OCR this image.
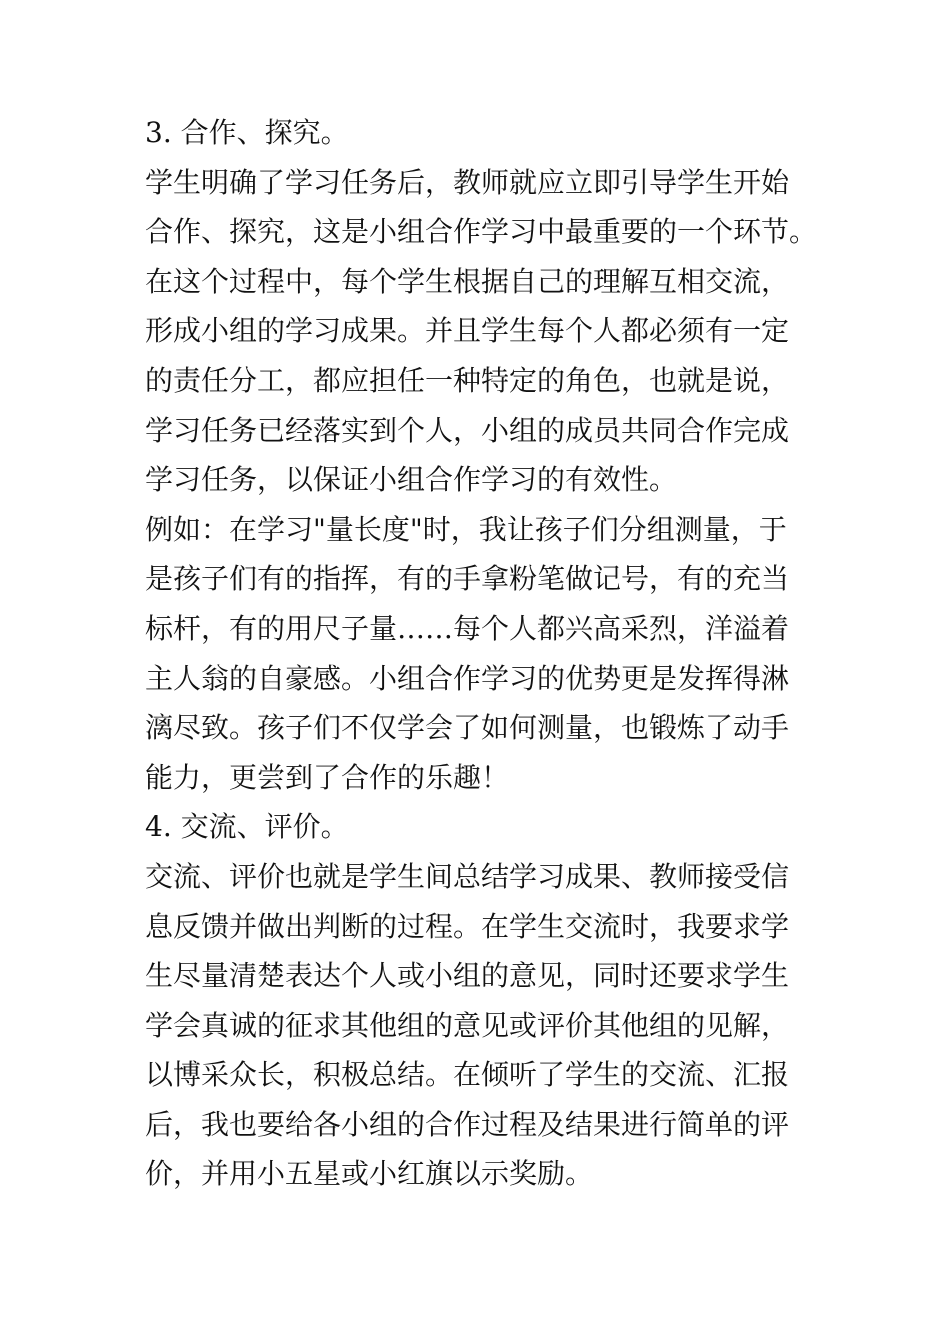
3. 合作、探究。
学生明确了学习任务后，教师就应立即引导学生开始
合作、探究，这是小组合作学习中最重要的一个环节。
在这个过程中，每个学生根据自己的理解互相交流，
形成小组的学习成果。并且学生每个人都必须有一定
的责任分工，都应担任一种特定的角色，也就是说，
学习任务已经落实到个人，小组的成员共同合作完成
学习任务，以保证小组合作学习的有效性。
例如：在学习"量长度"时，我让孩子们分组测量，于
是孩子们有的指挥，有的手拿粉笔做记号，有的充当
标杆，有的用尺子量……每个人都兴高采烈，洋溢着
主人翁的自豪感。小组合作学习的优势更是发挥得淋
漓尽致。孩子们不仅学会了如何测量，也锻炼了动手
能力，更尝到了合作的乐趣！
4. 交流、评价。
交流、评价也就是学生间总结学习成果、教师接受信
息反馈并做出判断的过程。在学生交流时，我要求学
生尽量清楚表达个人或小组的意见，同时还要求学生
学会真诚的征求其他组的意见或评价其他组的见解，
以博采众长，积极总结。在倾听了学生的交流、汇报
后，我也要给各小组的合作过程及结果进行简单的评
价，并用小五星或小红旗以示奖励。
